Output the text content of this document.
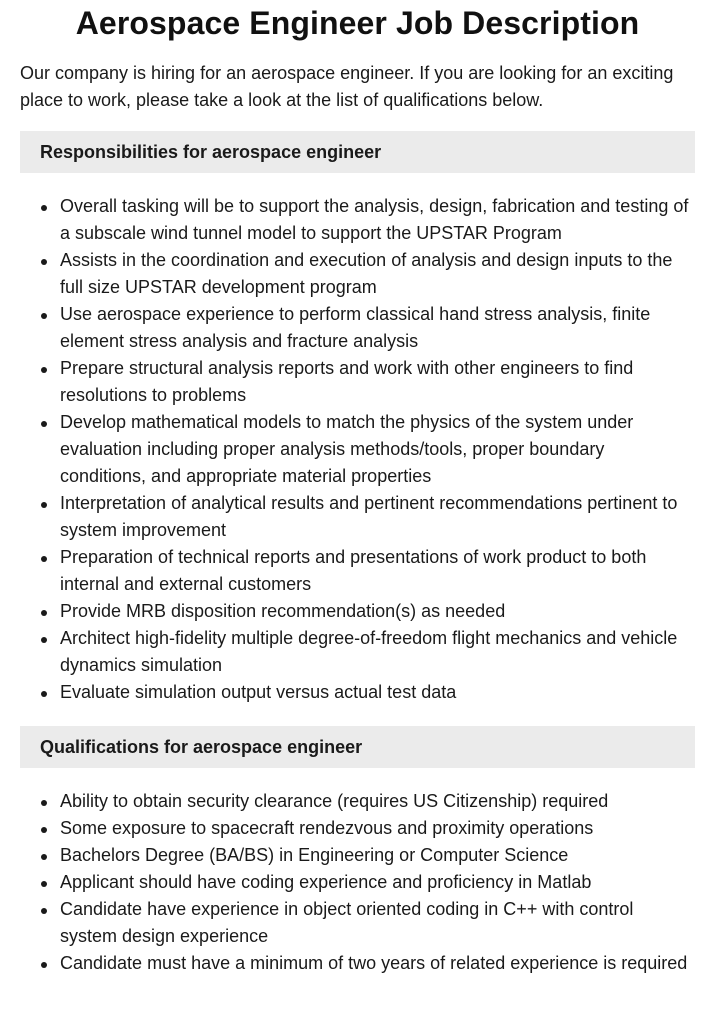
Aerospace Engineer Job Description

Our company is hiring for an aerospace engineer. If you are looking for an exciting place to work, please take a look at the list of qualifications below.

Responsibilities for aerospace engineer
Overall tasking will be to support the analysis, design, fabrication and testing of a subscale wind tunnel model to support the UPSTAR Program
Assists in the coordination and execution of analysis and design inputs to the full size UPSTAR development program
Use aerospace experience to perform classical hand stress analysis, finite element stress analysis and fracture analysis
Prepare structural analysis reports and work with other engineers to find resolutions to problems
Develop mathematical models to match the physics of the system under evaluation including proper analysis methods/tools, proper boundary conditions, and appropriate material properties
Interpretation of analytical results and pertinent recommendations pertinent to system improvement
Preparation of technical reports and presentations of work product to both internal and external customers
Provide MRB disposition recommendation(s) as needed
Architect high-fidelity multiple degree-of-freedom flight mechanics and vehicle dynamics simulation
Evaluate simulation output versus actual test data
Qualifications for aerospace engineer
Ability to obtain security clearance (requires US Citizenship) required
Some exposure to spacecraft rendezvous and proximity operations
Bachelors Degree (BA/BS) in Engineering or Computer Science
Applicant should have coding experience and proficiency in Matlab
Candidate have experience in object oriented coding in C++ with control system design experience
Candidate must have a minimum of two years of related experience is required
